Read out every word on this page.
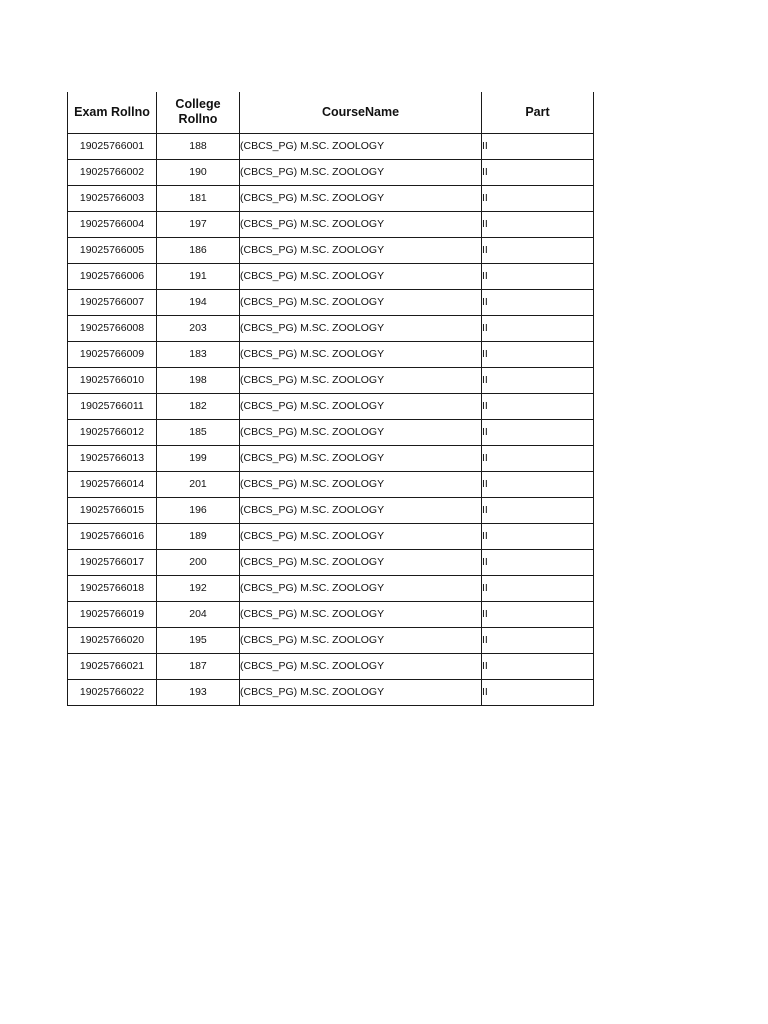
Exam Rollno	College Rollno	CourseName	Part
19025766001	188	(CBCS_PG) M.SC. ZOOLOGY	II
19025766002	190	(CBCS_PG) M.SC. ZOOLOGY	II
19025766003	181	(CBCS_PG) M.SC. ZOOLOGY	II
19025766004	197	(CBCS_PG) M.SC. ZOOLOGY	II
19025766005	186	(CBCS_PG) M.SC. ZOOLOGY	II
19025766006	191	(CBCS_PG) M.SC. ZOOLOGY	II
19025766007	194	(CBCS_PG) M.SC. ZOOLOGY	II
19025766008	203	(CBCS_PG) M.SC. ZOOLOGY	II
19025766009	183	(CBCS_PG) M.SC. ZOOLOGY	II
19025766010	198	(CBCS_PG) M.SC. ZOOLOGY	II
19025766011	182	(CBCS_PG) M.SC. ZOOLOGY	II
19025766012	185	(CBCS_PG) M.SC. ZOOLOGY	II
19025766013	199	(CBCS_PG) M.SC. ZOOLOGY	II
19025766014	201	(CBCS_PG) M.SC. ZOOLOGY	II
19025766015	196	(CBCS_PG) M.SC. ZOOLOGY	II
19025766016	189	(CBCS_PG) M.SC. ZOOLOGY	II
19025766017	200	(CBCS_PG) M.SC. ZOOLOGY	II
19025766018	192	(CBCS_PG) M.SC. ZOOLOGY	II
19025766019	204	(CBCS_PG) M.SC. ZOOLOGY	II
19025766020	195	(CBCS_PG) M.SC. ZOOLOGY	II
19025766021	187	(CBCS_PG) M.SC. ZOOLOGY	II
19025766022	193	(CBCS_PG) M.SC. ZOOLOGY	II
